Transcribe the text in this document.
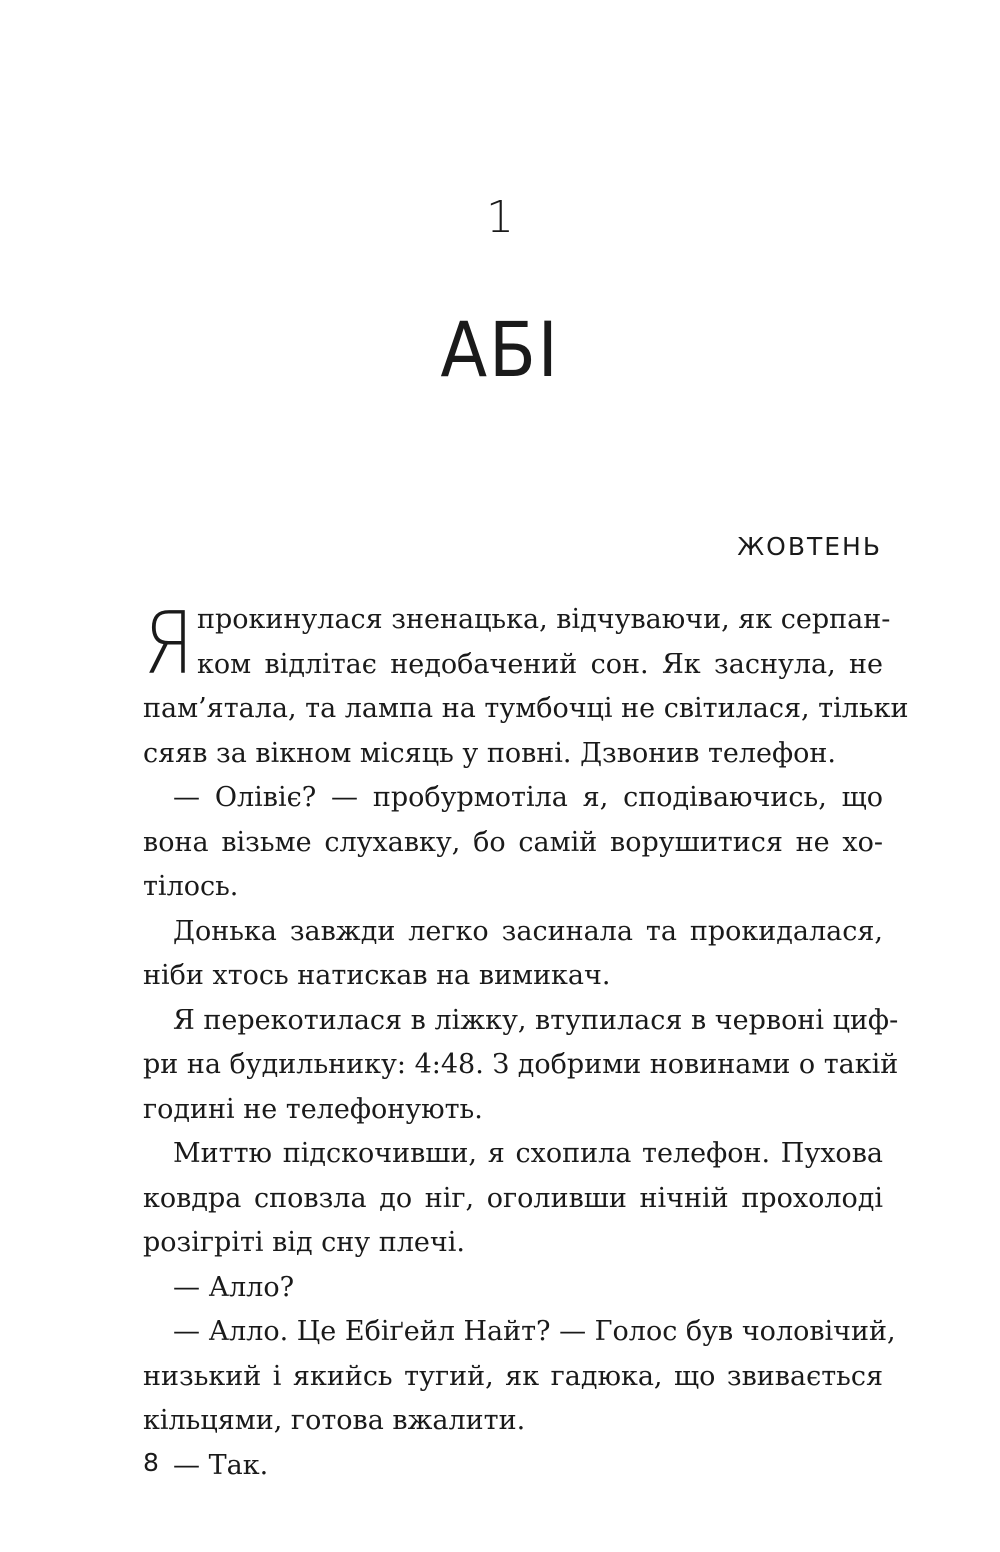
1
АБІ
ЖОВТЕНЬ
Я прокинулася зненацька, відчуваючи, як серпан-
ком відлітає недобачений сон. Як заснула, не
пам’ятала, та лампа на тумбочці не світилася, тільки
сяяв за вікном місяць у повні. Дзвонив телефон.
— Олівіє? — пробурмотіла я, сподіваючись, що
вона візьме слухавку, бо самій ворушитися не хо-
тілось.
Донька завжди легко засинала та прокидалася,
ніби хтось натискав на вимикач.
Я перекотилася в ліжку, втупилася в червоні циф-
ри на будильнику: 4:48. З добрими новинами о такій
годині не телефонують.
Миттю підскочивши, я схопила телефон. Пухова
ковдра сповзла до ніг, оголивши нічній прохолоді
розігріті від сну плечі.
— Алло?
— Алло. Це Ебіґейл Найт? — Голос був чоловічий,
низький і якийсь тугий, як гадюка, що звивається
кільцями, готова вжалити.
— Так.
8
